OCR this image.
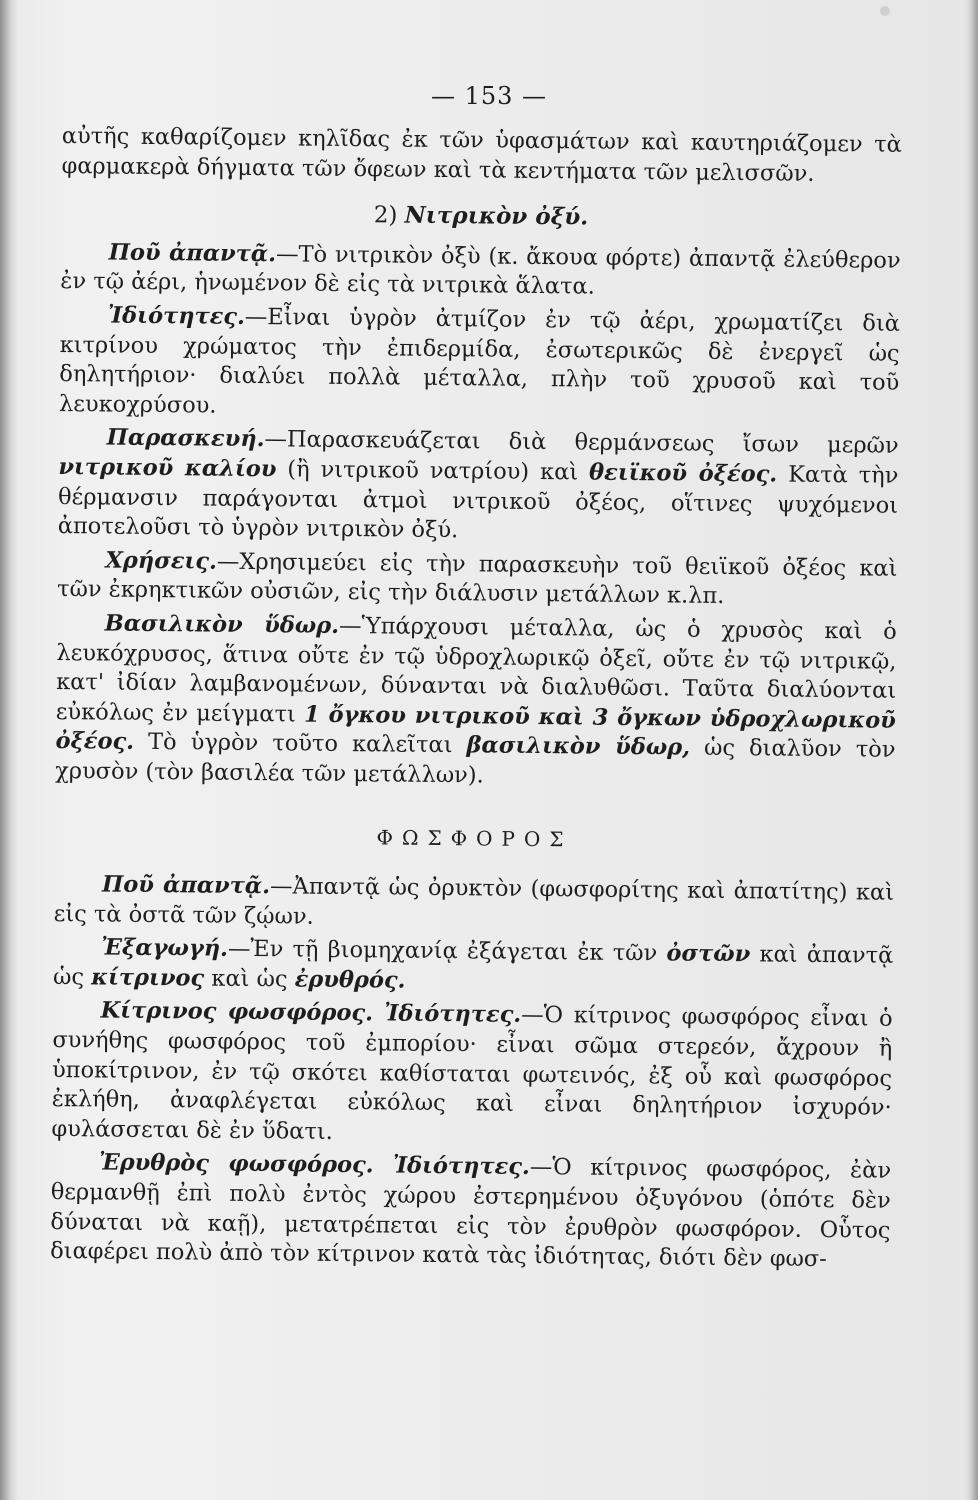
— 153 —

αὐτῆς καθαρίζομεν κηλῖδας ἐκ τῶν ὑφασμάτων καὶ καυτηριάζομεν τὰ φαρμακερὰ δήγματα τῶν ὄφεων καὶ τὰ κεντήματα τῶν μελισσῶν.

2) Νιτρικὸν ὀξύ.

Ποῦ ἀπαντᾷ.—Τὸ νιτρικὸν ὀξὺ (κ. ἄκουα φόρτε) ἀπαντᾷ ἐλεύθερον ἐν τῷ ἀέρι, ἡνωμένον δὲ εἰς τὰ νιτρικὰ ἅλατα.

Ἰδιότητες.—Εἶναι ὑγρὸν ἀτμίζον ἐν τῷ ἀέρι, χρωματίζει διὰ κιτρίνου χρώματος τὴν ἐπιδερμίδα, ἐσωτερικῶς δὲ ἐνεργεῖ ὡς δηλητήριον· διαλύει πολλὰ μέταλλα, πλὴν τοῦ χρυσοῦ καὶ τοῦ λευκοχρύσου.

Παρασκευή.—Παρασκευάζεται διὰ θερμάνσεως ἴσων μερῶν νιτρικοῦ καλίου (ἢ νιτρικοῦ νατρίου) καὶ θειϊκοῦ ὀξέος. Κατὰ τὴν θέρμανσιν παράγονται ἀτμοὶ νιτρικοῦ ὀξέος, οἵτινες ψυχόμενοι ἀποτελοῦσι τὸ ὑγρὸν νιτρικὸν ὀξύ.

Χρήσεις.—Χρησιμεύει εἰς τὴν παρασκευὴν τοῦ θειϊκοῦ ὀξέος καὶ τῶν ἐκρηκτικῶν οὐσιῶν, εἰς τὴν διάλυσιν μετάλλων κ.λπ.

Βασιλικὸν ὕδωρ.—Ὑπάρχουσι μέταλλα, ὡς ὁ χρυσὸς καὶ ὁ λευκόχρυσος, ἅτινα οὔτε ἐν τῷ ὑδροχλωρικῷ ὀξεῖ, οὔτε ἐν τῷ νιτρικῷ, κατ' ἰδίαν λαμβανομένων, δύνανται νὰ διαλυθῶσι. Ταῦτα διαλύονται εὐκόλως ἐν μείγματι 1 ὄγκου νιτρικοῦ καὶ 3 ὄγκων ὑδροχλωρικοῦ ὀξέος. Τὸ ὑγρὸν τοῦτο καλεῖται βασιλικὸν ὕδωρ, ὡς διαλῦον τὸν χρυσὸν (τὸν βασιλέα τῶν μετάλλων).

ΦΩΣΦΟΡΟΣ

Ποῦ ἀπαντᾷ.—Ἀπαντᾷ ὡς ὀρυκτὸν (φωσφορίτης καὶ ἀπατίτης) καὶ εἰς τὰ ὀστᾶ τῶν ζῴων.

Ἐξαγωγή.—Ἐν τῇ βιομηχανίᾳ ἐξάγεται ἐκ τῶν ὀστῶν καὶ ἀπαντᾷ ὡς κίτρινος καὶ ὡς ἐρυθρός.

Κίτρινος φωσφόρος. Ἰδιότητες.—Ὁ κίτρινος φωσφόρος εἶναι ὁ συνήθης φωσφόρος τοῦ ἐμπορίου· εἶναι σῶμα στερεόν, ἄχρουν ἢ ὑποκίτρινον, ἐν τῷ σκότει καθίσταται φωτεινός, ἐξ οὗ καὶ φωσφόρος ἐκλήθη, ἀναφλέγεται εὐκόλως καὶ εἶναι δηλητήριον ἰσχυρόν· φυλάσσεται δὲ ἐν ὕδατι.

Ἐρυθρὸς φωσφόρος. Ἰδιότητες.—Ὁ κίτρινος φωσφόρος, ἐὰν θερμανθῇ ἐπὶ πολὺ ἐντὸς χώρου ἐστερημένου ὀξυγόνου (ὁπότε δὲν δύναται νὰ καῇ), μετατρέπεται εἰς τὸν ἐρυθρὸν φωσφόρον. Οὗτος διαφέρει πολὺ ἀπὸ τὸν κίτρινον κατὰ τὰς ἰδιότητας, διότι δὲν φωσ-
